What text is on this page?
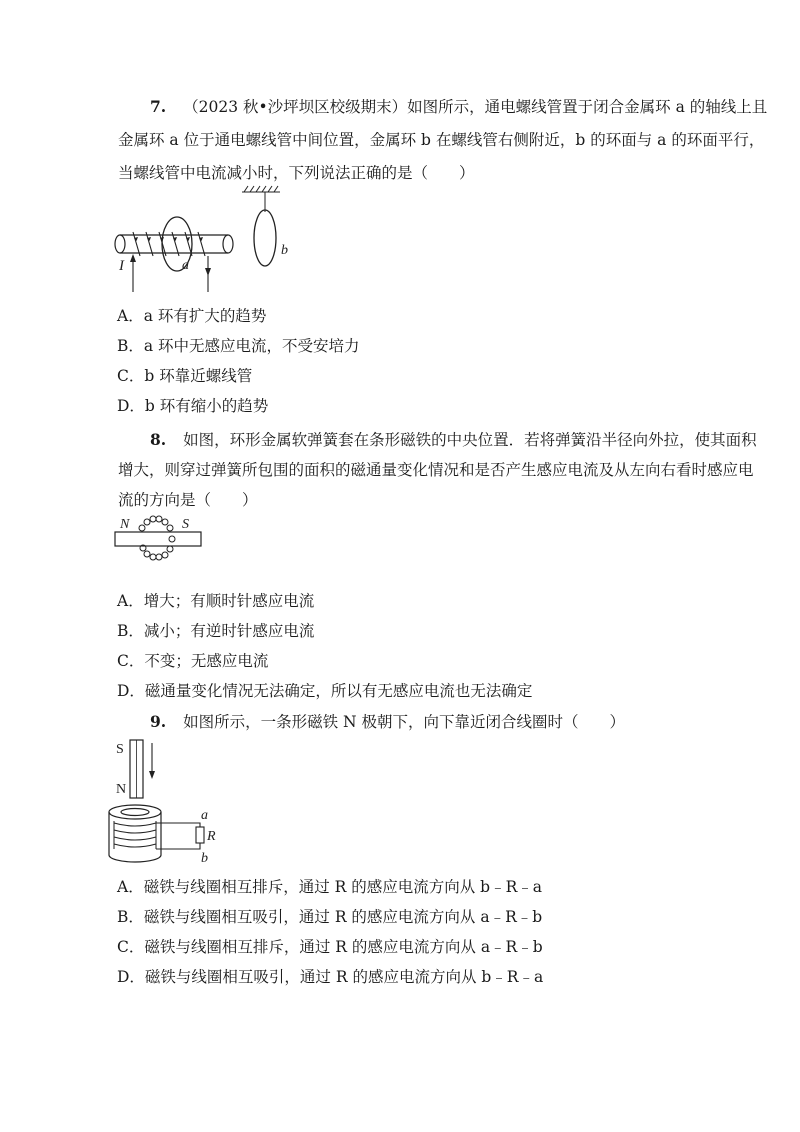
7. （2023 秋•沙坪坝区校级期末）如图所示，通电螺线管置于闭合金属环 a 的轴线上且
金属环 a 位于通电螺线管中间位置，金属环 b 在螺线管右侧附近，b 的环面与 a 的环面平行，
当螺线管中电流减小时，下列说法正确的是（　　）
b
a
I
A．a 环有扩大的趋势
B．a 环中无感应电流，不受安培力
C．b 环靠近螺线管
D．b 环有缩小的趋势
8. 如图，环形金属软弹簧套在条形磁铁的中央位置．若将弹簧沿半径向外拉，使其面积
增大，则穿过弹簧所包围的面积的磁通量变化情况和是否产生感应电流及从左向右看时感应电
流的方向是（　　）
N	S
A．增大；有顺时针感应电流
B．减小；有逆时针感应电流
C．不变；无感应电流
D．磁通量变化情况无法确定，所以有无感应电流也无法确定
9. 如图所示，一条形磁铁 N 极朝下，向下靠近闭合线圈时（　　）
S
N
a
R
b
A．磁铁与线圈相互排斥，通过 R 的感应电流方向从 b﹣R﹣a
B．磁铁与线圈相互吸引，通过 R 的感应电流方向从 a﹣R﹣b
C．磁铁与线圈相互排斥，通过 R 的感应电流方向从 a﹣R﹣b
D．磁铁与线圈相互吸引，通过 R 的感应电流方向从 b﹣R﹣a
